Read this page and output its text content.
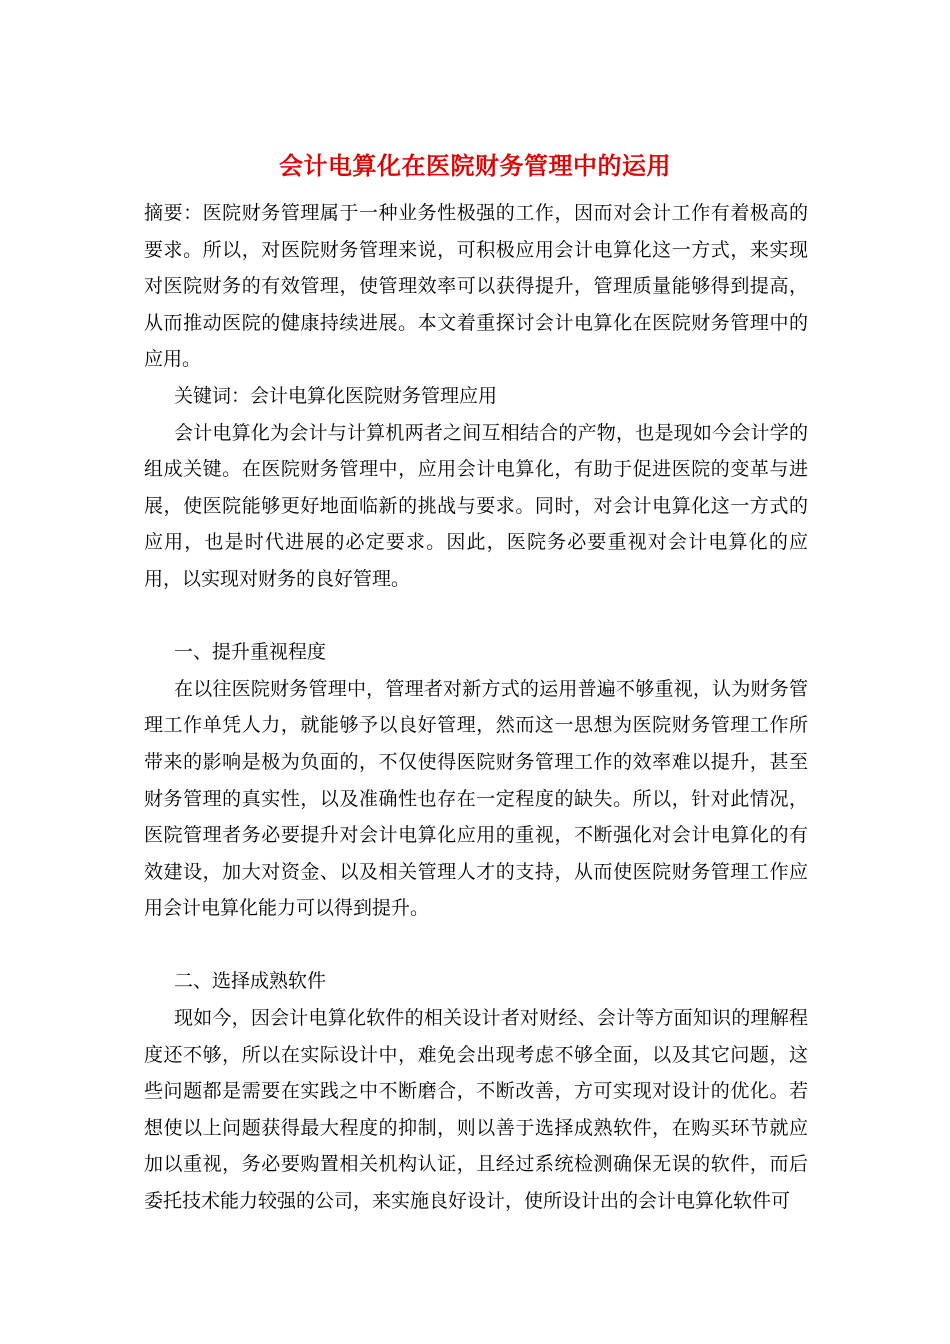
会计电算化在医院财务管理中的运用

摘要：医院财务管理属于一种业务性极强的工作，因而对会计工作有着极高的要求。所以，对医院财务管理来说，可积极应用会计电算化这一方式，来实现对医院财务的有效管理，使管理效率可以获得提升，管理质量能够得到提高，从而推动医院的健康持续进展。本文着重探讨会计电算化在医院财务管理中的应用。

关键词：会计电算化医院财务管理应用

会计电算化为会计与计算机两者之间互相结合的产物，也是现如今会计学的组成关键。在医院财务管理中，应用会计电算化，有助于促进医院的变革与进展，使医院能够更好地面临新的挑战与要求。同时，对会计电算化这一方式的应用，也是时代进展的必定要求。因此，医院务必要重视对会计电算化的应用，以实现对财务的良好管理。

一、提升重视程度

在以往医院财务管理中，管理者对新方式的运用普遍不够重视，认为财务管理工作单凭人力，就能够予以良好管理，然而这一思想为医院财务管理工作所带来的影响是极为负面的，不仅使得医院财务管理工作的效率难以提升，甚至财务管理的真实性，以及准确性也存在一定程度的缺失。所以，针对此情况，医院管理者务必要提升对会计电算化应用的重视，不断强化对会计电算化的有效建设，加大对资金、以及相关管理人才的支持，从而使医院财务管理工作应用会计电算化能力可以得到提升。

二、选择成熟软件

现如今，因会计电算化软件的相关设计者对财经、会计等方面知识的理解程度还不够，所以在实际设计中，难免会出现考虑不够全面，以及其它问题，这些问题都是需要在实践之中不断磨合，不断改善，方可实现对设计的优化。若想使以上问题获得最大程度的抑制，则以善于选择成熟软件，在购买环节就应加以重视，务必要购置相关机构认证，且经过系统检测确保无误的软件，而后委托技术能力较强的公司，来实施良好设计，使所设计出的会计电算化软件可
